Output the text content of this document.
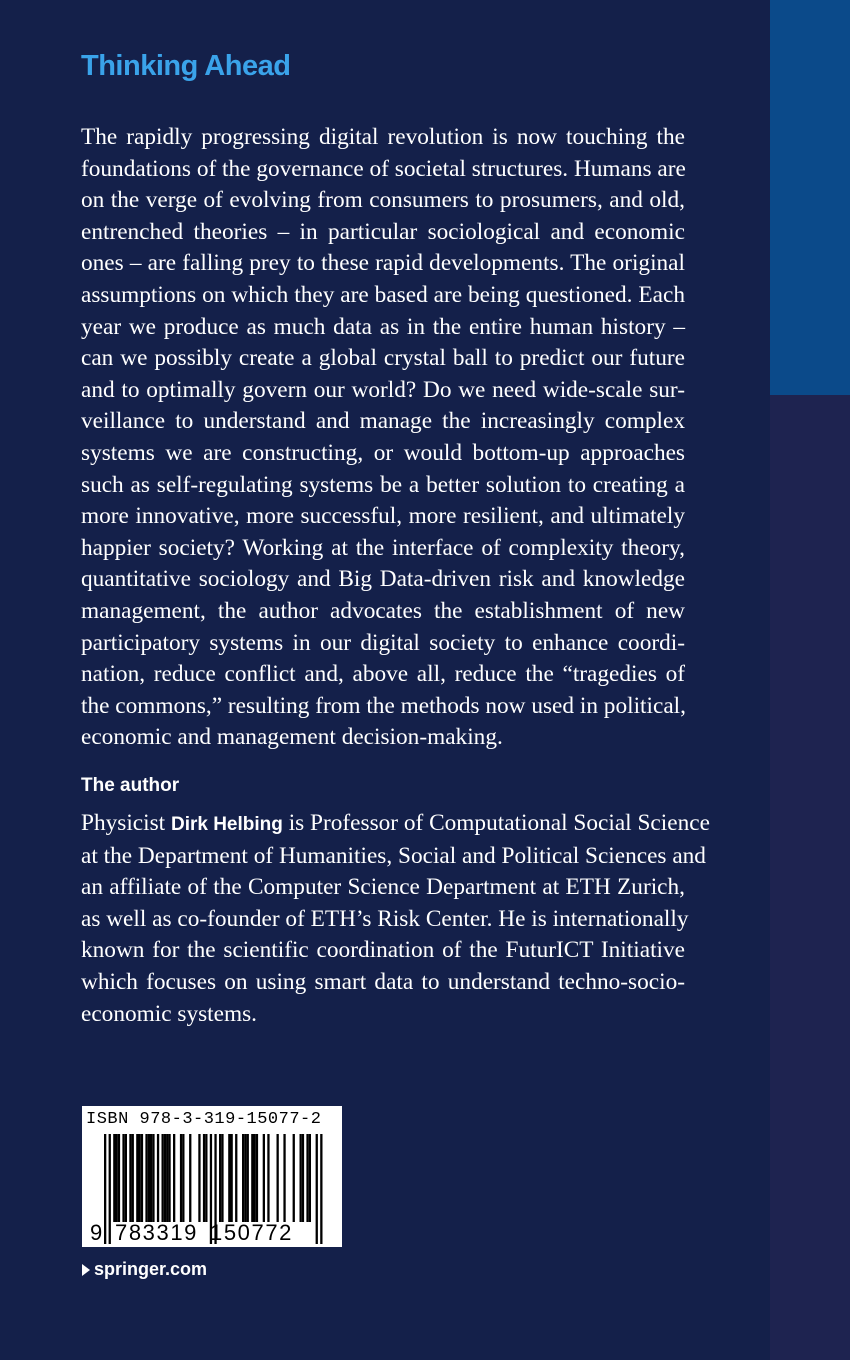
Thinking Ahead

The rapidly progressing digital revolution is now touching the
foundations of the governance of societal structures. Humans are
on the verge of evolving from consumers to prosumers, and old,
entrenched theories – in particular sociological and economic
ones – are falling prey to these rapid developments. The original
assumptions on which they are based are being questioned. Each
year we produce as much data as in the entire human history –
can we possibly create a global crystal ball to predict our future
and to optimally govern our world? Do we need wide-scale sur-
veillance to understand and manage the increasingly complex
systems we are constructing, or would bottom-up approaches
such as self-regulating systems be a better solution to creating a
more innovative, more successful, more resilient, and ultimately
happier society? Working at the interface of complexity theory,
quantitative sociology and Big Data-driven risk and knowledge
management, the author advocates the establishment of new
participatory systems in our digital society to enhance coordi-
nation, reduce conflict and, above all, reduce the “tragedies of
the commons,” resulting from the methods now used in political,
economic and management decision-making.

The author

Physicist Dirk Helbing is Professor of Computational Social Science
at the Department of Humanities, Social and Political Sciences and
an affiliate of the Computer Science Department at ETH Zurich,
as well as co-founder of ETH’s Risk Center. He is internationally
known for the scientific coordination of the FuturICT Initiative
which focuses on using smart data to understand techno-socio-
economic systems.

ISBN 978-3-319-15077-2
9 783319 150772
springer.com
